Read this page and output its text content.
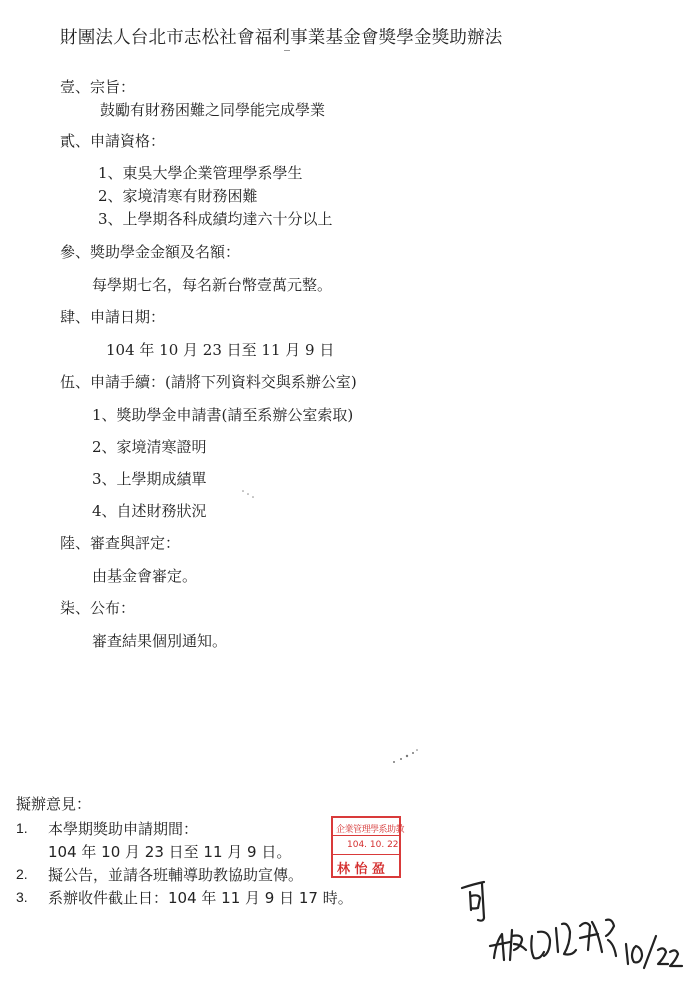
財團法人台北市志松社會福利事業基金會獎學金獎助辦法
壹、宗旨：
鼓勵有財務困難之同學能完成學業
貳、申請資格：
1、東吳大學企業管理學系學生
2、家境清寒有財務困難
3、上學期各科成績均達六十分以上
參、獎助學金金額及名額：
每學期七名，每名新台幣壹萬元整。
肆、申請日期：
104 年 10 月 23 日至 11 月 9 日
伍、申請手續：(請將下列資料交與系辦公室)
1、獎助學金申請書(請至系辦公室索取)
2、家境清寒證明
3、上學期成績單
4、自述財務狀況
陸、審查與評定：
由基金會審定。
柒、公布：
審查結果個別通知。
擬辦意見：
1. 本學期獎助申請期間：
104 年 10 月 23 日至 11 月 9 日。
2. 擬公告，並請各班輔導助教協助宣傳。
3. 系辦收件截止日：104 年 11 月 9 日 17 時。
企業管理學系助教
104. 10. 22
林 怡 盈
